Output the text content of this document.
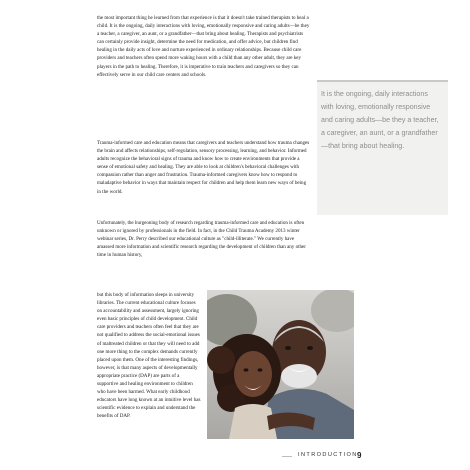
the most important thing he learned from that experience is that it doesn't take trained therapists to heal a child. It is the ongoing, daily interactions with loving, emotionally responsive and caring adults—be they a teacher, a caregiver, an aunt, or a grandfather—that bring about healing. Therapists and psychiatrists can certainly provide insight, determine the need for medication, and offer advice, but children find healing in the daily acts of love and nurture experienced in ordinary relationships. Because child care providers and teachers often spend more waking hours with a child than any other adult, they are key players in the path to healing. Therefore, it is imperative to train teachers and caregivers so they can effectively serve in our child care centers and schools.

Trauma-informed care and education means that caregivers and teachers understand how trauma changes the brain and affects relationships, self-regulation, sensory processing, learning, and behavior. Informed adults recognize the behavioral signs of trauma and know how to create environments that provide a sense of emotional safety and healing. They are able to look at children's behavioral challenges with compassion rather than anger and frustration. Trauma-informed caregivers know how to respond to maladaptive behavior in ways that maintain respect for children and help them learn new ways of being in the world.

Unfortunately, the burgeoning body of research regarding trauma-informed care and education is often unknown or ignored by professionals in the field. In fact, in the Child Trauma Academy 2013 winter webinar series, Dr. Perry described our educational culture as "child-illiterate." We currently have amassed more information and scientific research regarding the development of children than any other time in human history,

but this body of information sleeps in university libraries. The current educational culture focuses on accountability and assessment, largely ignoring even basic principles of child development. Child care providers and teachers often feel that they are not qualified to address the social-emotional issues of maltreated children or that they will need to add one more thing to the complex demands currently placed upon them. One of the interesting findings, however, is that many aspects of developmentally appropriate practice (DAP) are parts of a supportive and healing environment to children who have been harmed. What early childhood educators have long known at an intuitive level has scientific evidence to explain and understand the benefits of DAP.

It is the ongoing, daily interactions with loving, emotionally responsive and caring adults—be they a teacher, a caregiver, an aunt, or a grandfather—that bring about healing.

INTRODUCTION 9
